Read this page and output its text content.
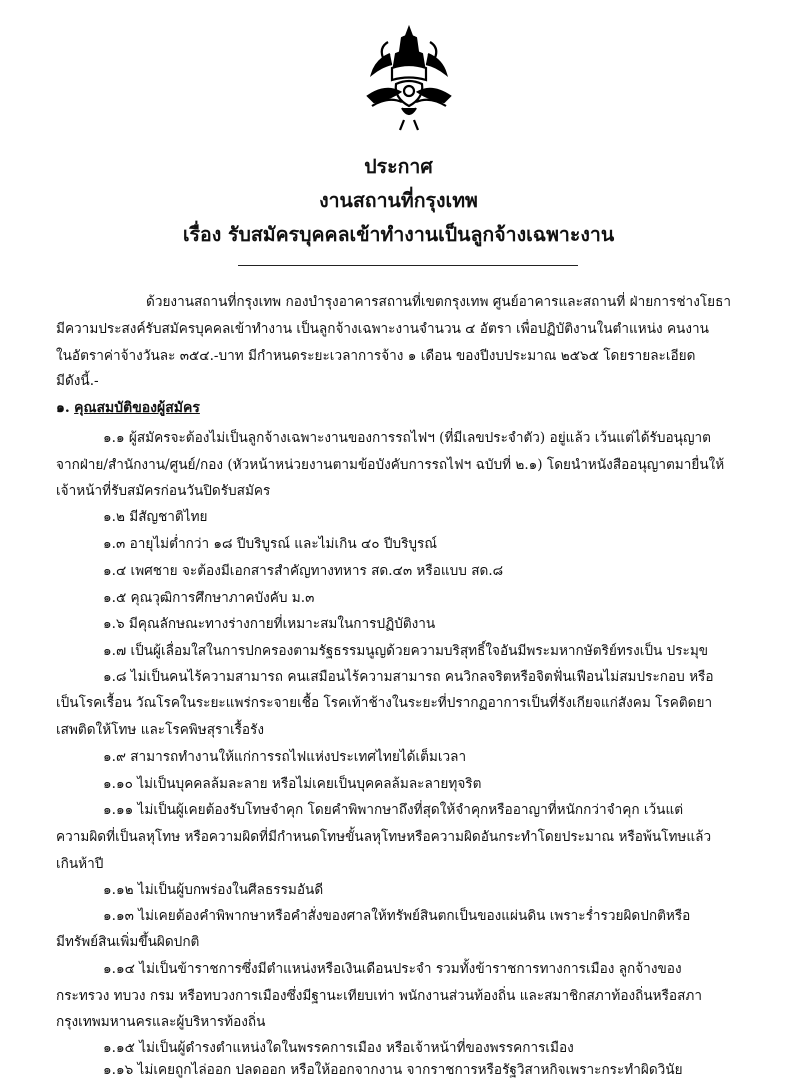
ประกาศ
งานสถานที่กรุงเทพ
เรื่อง รับสมัครบุคคลเข้าทำงานเป็นลูกจ้างเฉพาะงาน
ด้วยงานสถานที่กรุงเทพ กองบำรุงอาคารสถานที่เขตกรุงเทพ ศูนย์อาคารและสถานที่ ฝ่ายการช่างโยธา
มีความประสงค์รับสมัครบุคคลเข้าทำงาน เป็นลูกจ้างเฉพาะงานจำนวน ๔ อัตรา เพื่อปฏิบัติงานในตำแหน่ง คนงาน
ในอัตราค่าจ้างวันละ ๓๕๔.-บาท มีกำหนดระยะเวลาการจ้าง ๑ เดือน ของปีงบประมาณ ๒๕๖๕ โดยรายละเอียด
มีดังนี้.-
๑. คุณสมบัติของผู้สมัคร
๑.๑ ผู้สมัครจะต้องไม่เป็นลูกจ้างเฉพาะงานของการรถไฟฯ (ที่มีเลขประจำตัว) อยู่แล้ว เว้นแต่ได้รับอนุญาต
จากฝ่าย/สำนักงาน/ศูนย์/กอง (หัวหน้าหน่วยงานตามข้อบังคับการรถไฟฯ ฉบับที่ ๒.๑) โดยนำหนังสืออนุญาตมายื่นให้
เจ้าหน้าที่รับสมัครก่อนวันปิดรับสมัคร
๑.๒ มีสัญชาติไทย
๑.๓ อายุไม่ต่ำกว่า ๑๘ ปีบริบูรณ์ และไม่เกิน ๔๐ ปีบริบูรณ์
๑.๔ เพศชาย จะต้องมีเอกสารสำคัญทางทหาร สด.๔๓ หรือแบบ สด.๘
๑.๕ คุณวุฒิการศึกษาภาคบังคับ ม.๓
๑.๖ มีคุณลักษณะทางร่างกายที่เหมาะสมในการปฏิบัติงาน
๑.๗ เป็นผู้เลื่อมใสในการปกครองตามรัฐธรรมนูญด้วยความบริสุทธิ์ใจอันมีพระมหากษัตริย์ทรงเป็น ประมุข
๑.๘ ไม่เป็นคนไร้ความสามารถ คนเสมือนไร้ความสามารถ คนวิกลจริตหรือจิตฟั่นเฟือนไม่สมประกอบ หรือ
เป็นโรคเรื้อน วัณโรคในระยะแพร่กระจายเชื้อ โรคเท้าช้างในระยะที่ปรากฏอาการเป็นที่รังเกียจแก่สังคม โรคติดยา
เสพติดให้โทษ และโรคพิษสุราเรื้อรัง
๑.๙ สามารถทำงานให้แก่การรถไฟแห่งประเทศไทยได้เต็มเวลา
๑.๑๐ ไม่เป็นบุคคลล้มละลาย หรือไม่เคยเป็นบุคคลล้มละลายทุจริต
๑.๑๑ ไม่เป็นผู้เคยต้องรับโทษจำคุก โดยคำพิพากษาถึงที่สุดให้จำคุกหรืออาญาที่หนักกว่าจำคุก เว้นแต่
ความผิดที่เป็นลหุโทษ หรือความผิดที่มีกำหนดโทษขั้นลหุโทษหรือความผิดอันกระทำโดยประมาณ หรือพ้นโทษแล้ว
เกินห้าปี
๑.๑๒ ไม่เป็นผู้บกพร่องในศีลธรรมอันดี
๑.๑๓ ไม่เคยต้องคำพิพากษาหรือคำสั่งของศาลให้ทรัพย์สินตกเป็นของแผ่นดิน เพราะร่ำรวยผิดปกติหรือ
มีทรัพย์สินเพิ่มขึ้นผิดปกติ
๑.๑๔ ไม่เป็นข้าราชการซึ่งมีตำแหน่งหรือเงินเดือนประจำ รวมทั้งข้าราชการทางการเมือง ลูกจ้างของ
กระทรวง ทบวง กรม หรือทบวงการเมืองซึ่งมีฐานะเทียบเท่า พนักงานส่วนท้องถิ่น และสมาชิกสภาท้องถิ่นหรือสภา
กรุงเทพมหานครและผู้บริหารท้องถิ่น
๑.๑๕ ไม่เป็นผู้ดำรงตำแหน่งใดในพรรคการเมือง หรือเจ้าหน้าที่ของพรรคการเมือง
๑.๑๖ ไม่เคยถูกไล่ออก ปลดออก หรือให้ออกจากงาน จากราชการหรือรัฐวิสาหกิจเพราะกระทำผิดวินัย
